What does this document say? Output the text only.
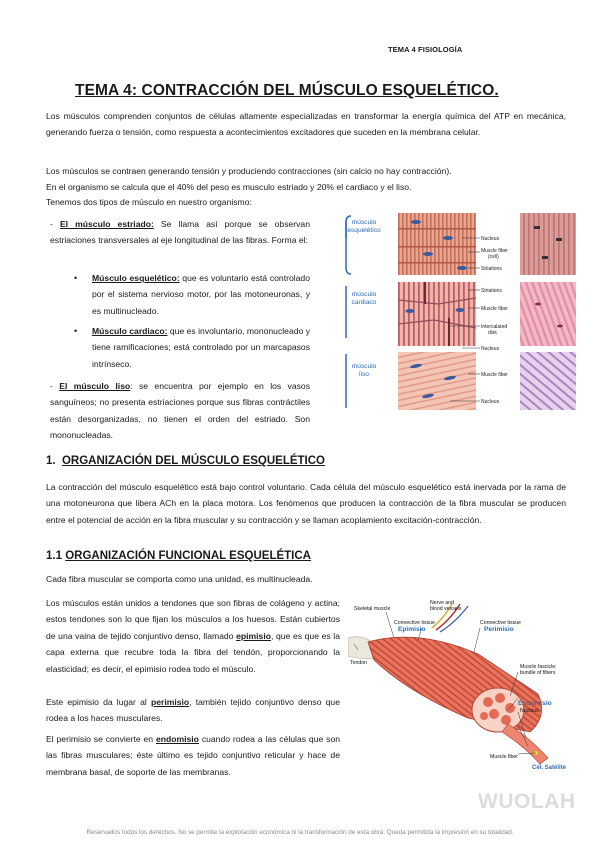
TEMA 4 FISIOLOGÍA
TEMA 4: CONTRACCIÓN DEL MÚSCULO ESQUELÉTICO.

Los músculos comprenden conjuntos de células altamente especializadas en transformar la energía química del ATP en mecánica, generando fuerza o tensión, como respuesta a acontecimientos excitadores que suceden en la membrana celular.

Los músculos se contraen generando tensión y produciendo contracciones (sin calcio no hay contracción).
En el organismo se calcula que el 40% del peso es musculo estriado y 20% el cardiaco y el liso.
Tenemos dos tipos de músculo en nuestro organismo:

- El músculo estriado: Se llama así porque se observan estriaciones transversales al eje longitudinal de las fibras. Forma el:

• Músculo esquelético: que es voluntario está controlado por el sistema nervioso motor, por las motoneuronas, y es multinucleado.
• Músculo cardiaco: que es involuntario, mononucleado y tiene ramificaciones; está controlado por un marcapasos intrínseco.

- El músculo liso: se encuentra por ejemplo en los vasos sanguíneos; no presenta estriaciones porque sus fibras contráctiles están desorganizadas, no tienen el orden del estriado. Son mononucleadas.

músculo
esquelético
músculo
cardiaco
músculo
liso
Nucleus
Muscle fiber
(cell)
Striations
Striations
Muscle fiber
Intercalated
disk
Nucleus
Muscle fiber
Nucleus
1. ORGANIZACIÓN DEL MÚSCULO ESQUELÉTICO

La contracción del músculo esquelético está bajo control voluntario. Cada célula del músculo esquelético está inervada por la rama de una motoneurona que libera ACh en la placa motora. Los fenómenos que producen la contracción de la fibra muscular se producen entre el potencial de acción en la fibra muscular y su contracción y se llaman acoplamiento excitación-contracción.

1.1 ORGANIZACIÓN FUNCIONAL ESQUELÉTICA

Cada fibra muscular se comporta como una unidad, es multinucleada.

Los músculos están unidos a tendones que son fibras de colágeno y actina; estos tendones son lo que fijan los músculos a los huesos. Están cubiertos de una vaina de tejido conjuntivo denso, llamado epimisio, que es que es la capa externa que recubre toda la fibra del tendón, proporcionando la elasticidad; es decir, el epimisio rodea todo el músculo.

Este epimisio da lugar al perimisio, también tejido conjuntivo denso que rodea a los haces musculares.

El perimisio se convierte en endomisio cuando rodea a las células que son las fibras musculares; éste último es tejido conjuntivo reticular y hace de membrana basal, de soporte de las membranas.

Skeletal muscle
Nerve and
blood vessels
Connective tissue	Connective tissue
Tendon
Muscle fascicle:
bundle of fibers
Nucleus
Muscle fiber
Epimisio	Perimisio
Endomisio
Cél. Satélite
WUOLAH
Reservados todos los derechos. No se permite la explotación económica ni la transformación de esta obra. Queda permitida la impresión en su totalidad.
